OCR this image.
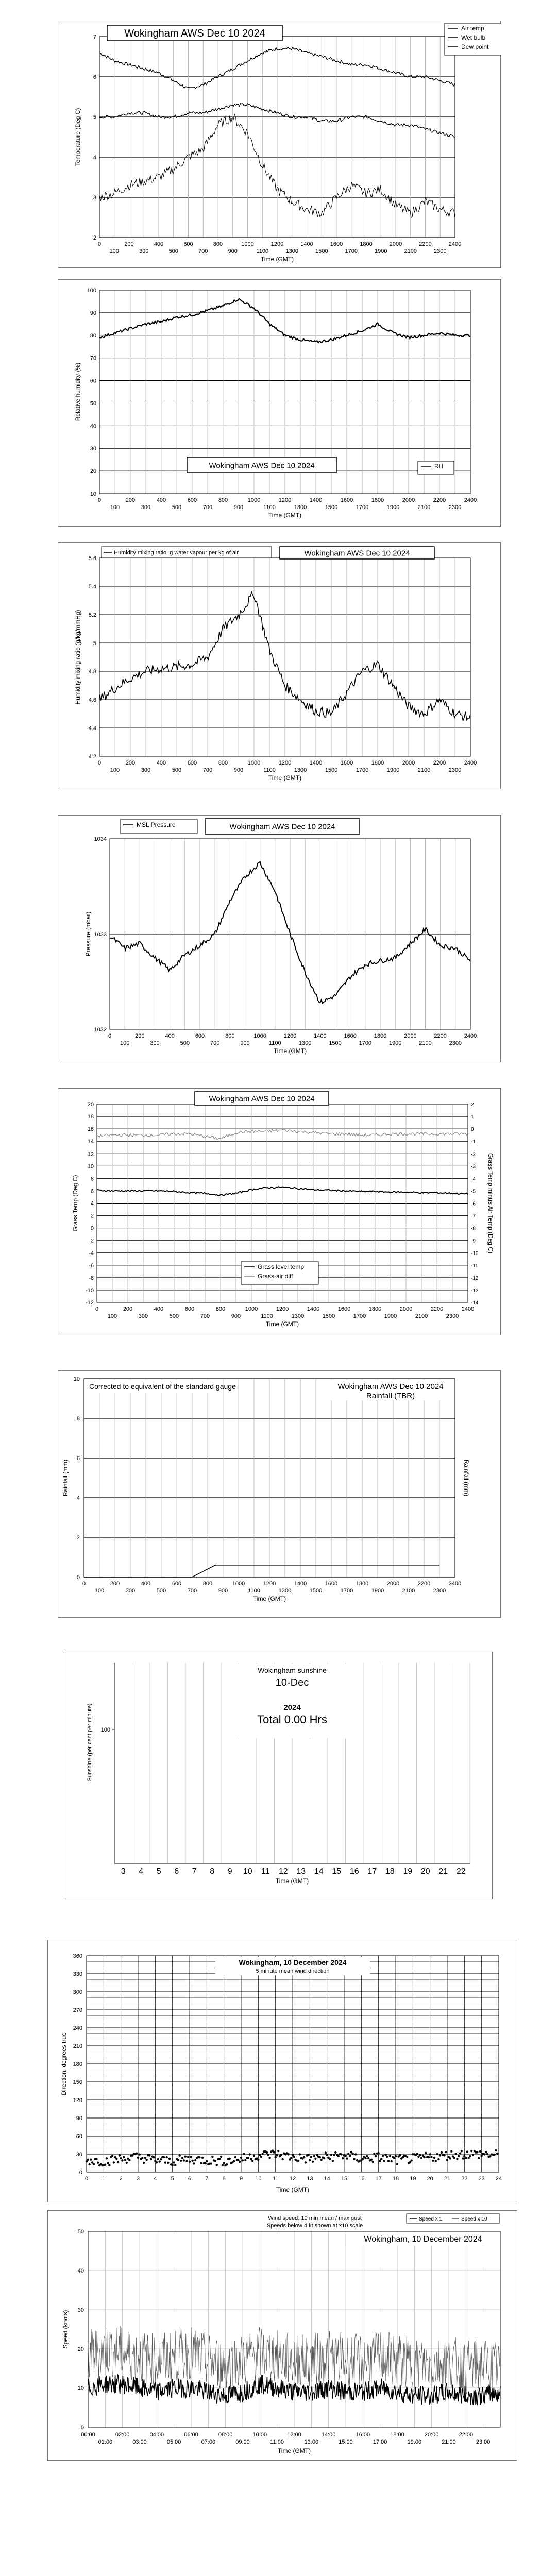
2
3
4
5
6
7
0
100
200
300
400
500
600
700
800
900
1000
1100
1200
1300
1400
1500
1600
1700
1800
1900
2000
2100
2200
2300
2400
Time (GMT)
Temperature (Deg C)
Wokingham AWS Dec 10 2024	Air temp
Wet bulb
Dew point
10
20
30
40
50
60
70
80
90
100
0
100
200
300
400
500
600
700
800
900
1000
1100
1200
1300
1400
1500
1600
1700
1800
1900
2000
2100
2200
2300
2400
Time (GMT)
Relative humidity (%)
Wokingham AWS Dec 10 2024	RH
4.2
4.4
4.6
4.8
5
5.2
5.4
5.6
0
100
200
300
400
500
600
700
800
900
1000
1100
1200
1300
1400
1500
1600
1700
1800
1900
2000
2100
2200
2300
2400
Time (GMT)
Humidity mixing ratio (g/kg/mmHg)
Humidity mixing ratio, g water vapour per kg of air	Wokingham AWS Dec 10 2024
1032
1033
1034
0
100
200
300
400
500
600
700
800
900
1000
1100
1200
1300
1400
1500
1600
1700
1800
1900
2000
2100
2200
2300
2400
Time (GMT)
Pressure (mbar)
MSL Pressure	Wokingham AWS Dec 10 2024
-12
-10
-8
-6
-4
-2
0
2
4
6
8
10
12
14
16
18
20
0
100
200
300
400
500
600
700
800
900
1000
1100
1200
1300
1400
1500
1600
1700
1800
1900
2000
2100
2200
2300
2400
Time (GMT)
Grass Temp (Deg C)
-14
-13
-12
-11
-10
-9
-8
-7
-6
-5
-4
-3
-2
-1
0
1
2
Grass Temp minus Air Temp (Deg C)
Wokingham AWS Dec 10 2024
Grass level temp
Grass-air diff
0
2
4
6
8
10
0
100
200
300
400
500
600
700
800
900
1000
1100
1200
1300
1400
1500
1600
1700
1800
1900
2000
2100
2200
2300
2400
Time (GMT)
Rainfall (mm)	Rainfall (mm)
Corrected to equivalent of the standard gauge	Wokingham AWS Dec 10 2024
Rainfall (TBR)
3 4 5 6 7 8 9 10 11 12 13 14 15 16 17 18 19 20 21 22
100
Time (GMT)
Sunshine (per cent per minute)
Wokingham sunshine
10-Dec
2024
Total 0.00 Hrs
0
30
60
90
120
150
180
210
240
270
300
330
360
0 1 2 3 4 5 6 7 8 9 10 11 12 13 14 15 16 17 18 19 20 21 22 23 24
Wokingham, 10 December 2024
5 minute mean wind direction
Time (GMT)
Direction, degrees true
0
10
20
30
40
50
00:00	02:00	04:00	06:00	08:00	10:00	12:00	14:00	16:00	18:00	20:00	22:00
01:00	03:00	05:00	07:00	09:00	11:00	13:00	15:00	17:00	19:00	21:00	23:00
Wind speed: 10 min mean / max gust
Speeds below 4 kt shown at x10 scale
Speed x 1	Speed x 10
Wokingham, 10 December 2024
Time (GMT)
Speed (knots)
